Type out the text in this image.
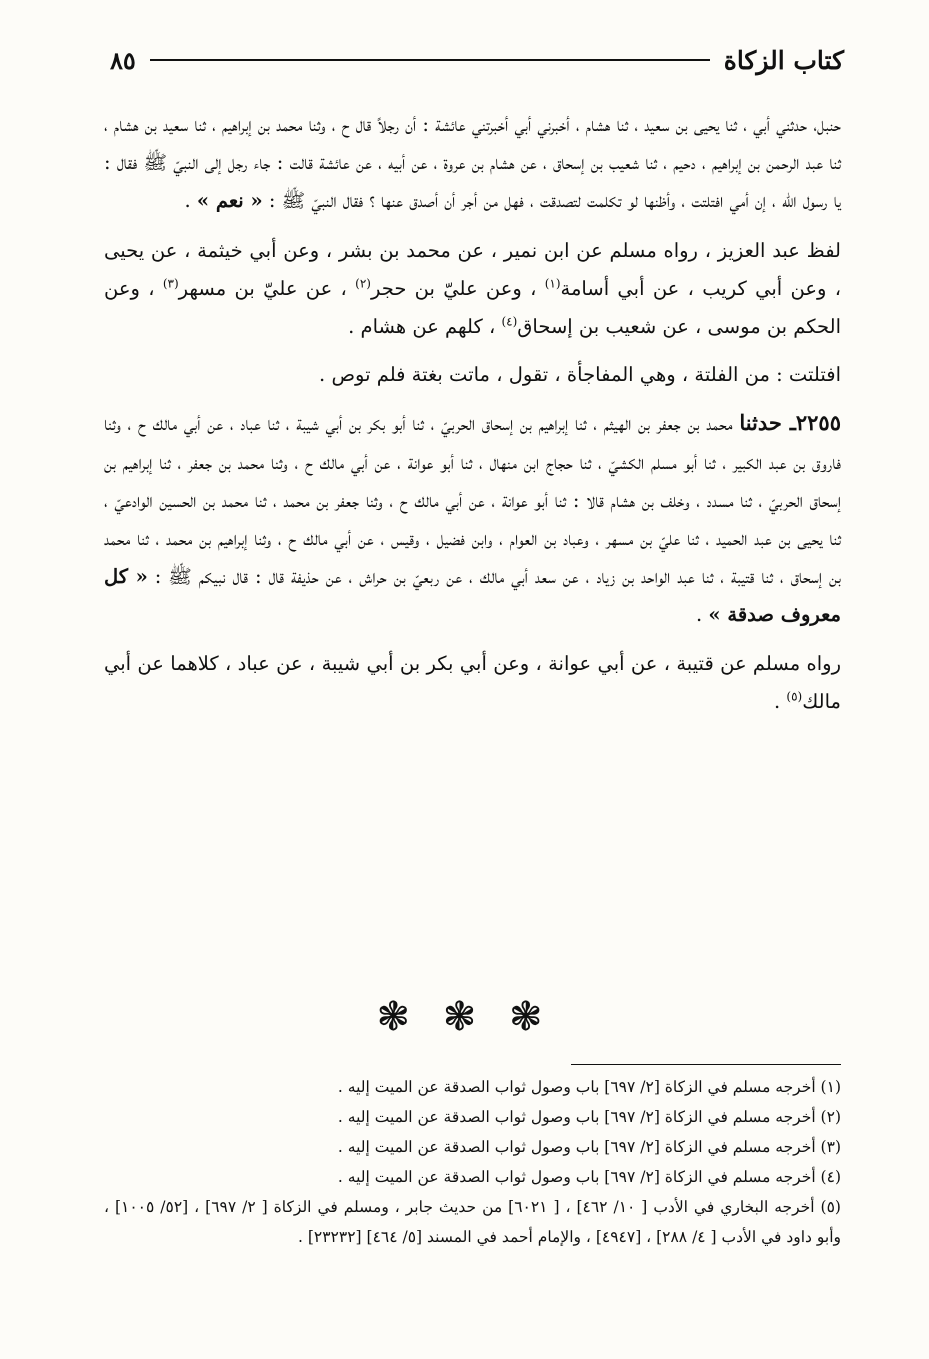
كتاب الزكاة
٨٥

حنبل، حدثني أبي ، ثنا يحيى بن سعيد ، ثنا هشام ، أخبرني أبي أخبرتني عائشة : أن رجلاً قال ح ، وثنا محمد بن إبراهيم ، ثنا سعيد بن هشام ، ثنا عبد الرحمن بن إبراهيم ، دحيم ، ثنا شعيب بن إسحاق ، عن هشام بن عروة ، عن أبيه ، عن عائشة قالت : جاء رجل إلى النبيّ ﷺ فقال : يا رسول الله ، إن أمي افتلتت ، وأظنها لو تكلمت لتصدقت ، فهل من أجر أن أصدق عنها ؟ فقال النبيّ ﷺ : « نعم » .

لفظ عبد العزيز ، رواه مسلم عن ابن نمير ، عن محمد بن بشر ، وعن أبي خيثمة ، عن يحيى ، وعن أبي كريب ، عن أبي أسامة$^{(١)}$ ، وعن عليّ بن حجر$^{(٢)}$ ، عن عليّ بن مسهر$^{(٣)}$ ، وعن الحكم بن موسى ، عن شعيب بن إسحاق$^{(٤)}$ ، كلهم عن هشام .

افتلتت : من الفلتة ، وهي المفاجأة ، تقول ، ماتت بغتة فلم توص .

٢٢٥٥ـ حدثنا محمد بن جعفر بن الهيثم ، ثنا إبراهيم بن إسحاق الحربيّ ، ثنا أبو بكر بن أبي شيبة ، ثنا عباد ، عن أبي مالك ح ، وثنا فاروق بن عبد الكبير ، ثنا أبو مسلم الكشيّ ، ثنا حجاج ابن منهال ، ثنا أبو عوانة ، عن أبي مالك ح ، وثنا محمد بن جعفر ، ثنا إبراهيم بن إسحاق الحربيّ ، ثنا مسدد ، وخلف بن هشام قالا : ثنا أبو عوانة ، عن أبي مالك ح ، وثنا جعفر بن محمد ، ثنا محمد بن الحسين الوادعيّ ، ثنا يحيى بن عبد الحميد ، ثنا عليّ بن مسهر ، وعباد بن العوام ، وابن فضيل ، وقيس ، عن أبي مالك ح ، وثنا إبراهيم بن محمد ، ثنا محمد بن إسحاق ، ثنا قتيبة ، ثنا عبد الواحد بن زياد ، عن سعد أبي مالك ، عن ربعيّ بن حراش ، عن حذيفة قال : قال نبيكم ﷺ : « كل معروف صدقة » .

رواه مسلم عن قتيبة ، عن أبي عوانة ، وعن أبي بكر بن أبي شيبة ، عن عباد ، كلاهما عن أبي مالك$^{(٥)}$ .

❃ ❃ ❃

(١) أخرجه مسلم في الزكاة [٢/ ٦٩٧] باب وصول ثواب الصدقة عن الميت إليه .

(٢) أخرجه مسلم في الزكاة [٢/ ٦٩٧] باب وصول ثواب الصدقة عن الميت إليه .

(٣) أخرجه مسلم في الزكاة [٢/ ٦٩٧] باب وصول ثواب الصدقة عن الميت إليه .

(٤) أخرجه مسلم في الزكاة [٢/ ٦٩٧] باب وصول ثواب الصدقة عن الميت إليه .

(٥) أخرجه البخاري في الأدب [ ١٠/ ٤٦٢] ، [ ٦٠٢١] من حديث جابر ، ومسلم في الزكاة [ ٢/ ٦٩٧] ، [٥٢/ ١٠٠٥] ، وأبو داود في الأدب [ ٤/ ٢٨٨] ، [٤٩٤٧] ، والإمام أحمد في المسند [٥/ ٤٦٤] [٢٣٢٣٢] .
